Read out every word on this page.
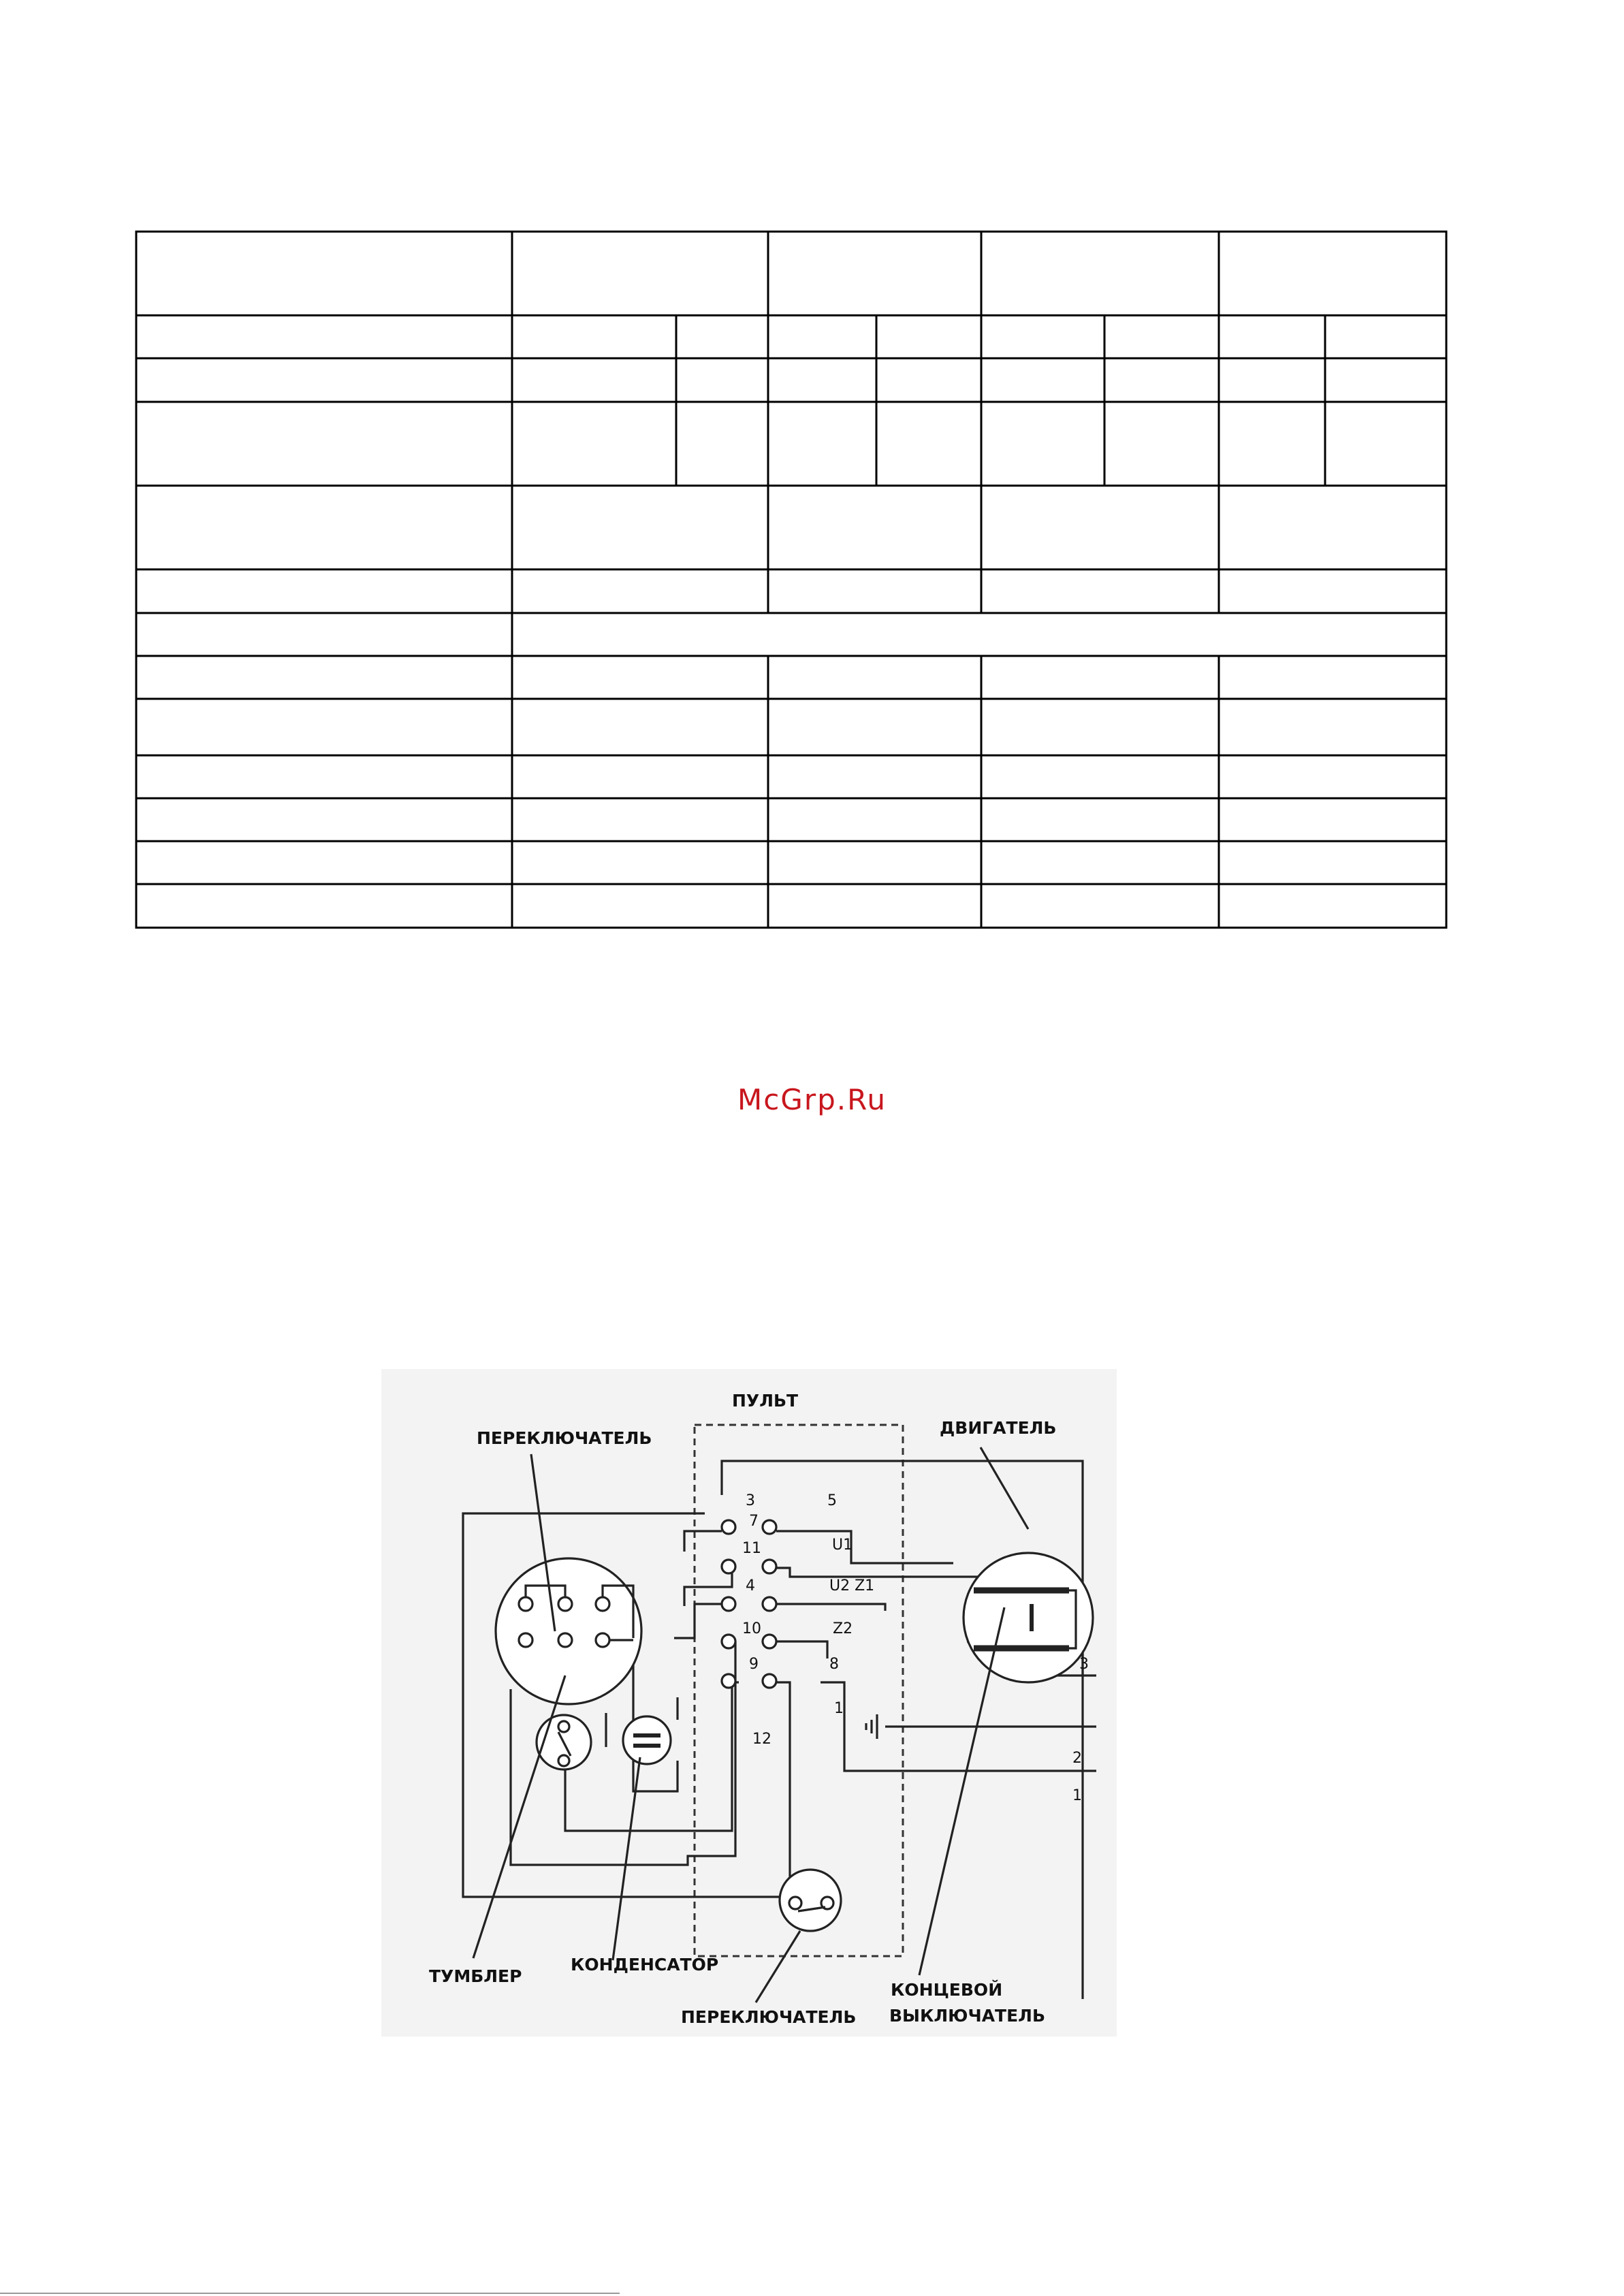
McGrp.Ru
ПУЛЬТ
ПЕРЕКЛЮЧАТЕЛЬ
ДВИГАТЕЛЬ
ТУМБЛЕР
КОНДЕНСАТОР
ПЕРЕКЛЮЧАТЕЛЬ
КОНЦЕВОЙ
ВЫКЛЮЧАТЕЛЬ
3	5
7
11	U1
4	U2 Z1
10	Z2
9	8
12
1
3
2
1
